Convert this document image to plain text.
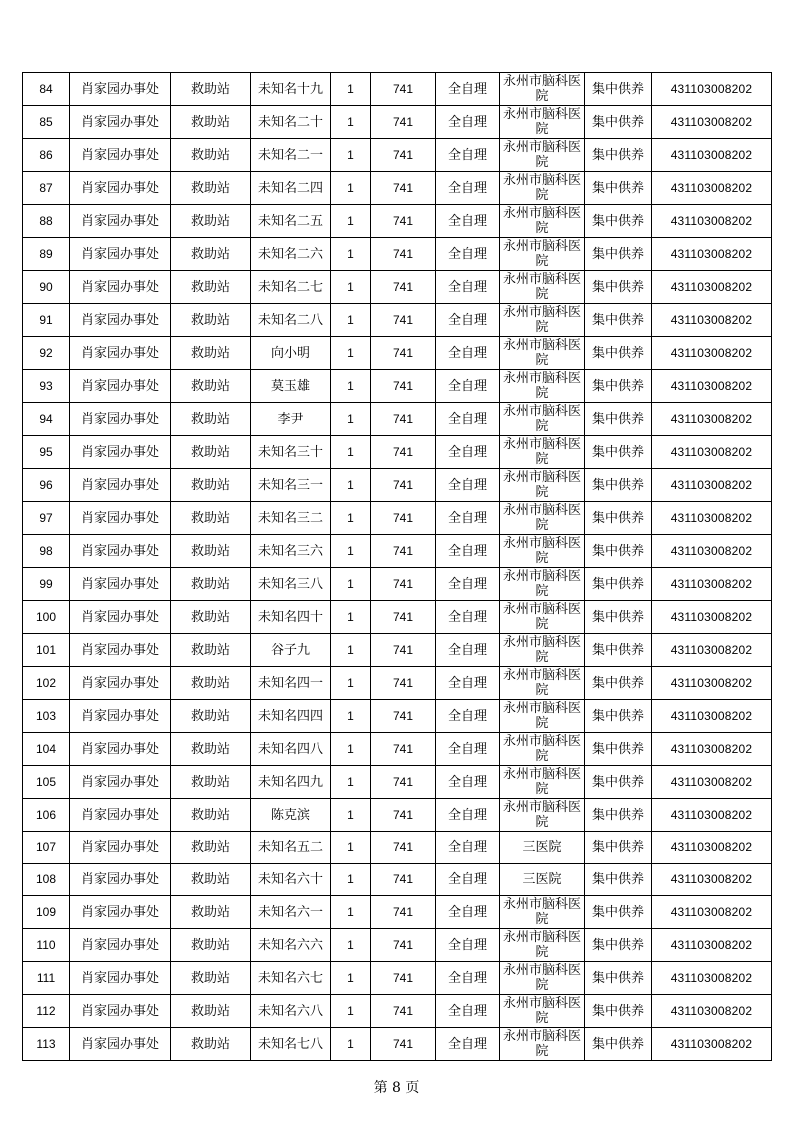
84	肖家园办事处	救助站	未知名十九	1	741	全自理	永州市脑科医院	集中供养	431103008202
85	肖家园办事处	救助站	未知名二十	1	741	全自理	永州市脑科医院	集中供养	431103008202
86	肖家园办事处	救助站	未知名二一	1	741	全自理	永州市脑科医院	集中供养	431103008202
87	肖家园办事处	救助站	未知名二四	1	741	全自理	永州市脑科医院	集中供养	431103008202
88	肖家园办事处	救助站	未知名二五	1	741	全自理	永州市脑科医院	集中供养	431103008202
89	肖家园办事处	救助站	未知名二六	1	741	全自理	永州市脑科医院	集中供养	431103008202
90	肖家园办事处	救助站	未知名二七	1	741	全自理	永州市脑科医院	集中供养	431103008202
91	肖家园办事处	救助站	未知名二八	1	741	全自理	永州市脑科医院	集中供养	431103008202
92	肖家园办事处	救助站	向小明	1	741	全自理	永州市脑科医院	集中供养	431103008202
93	肖家园办事处	救助站	莫玉雄	1	741	全自理	永州市脑科医院	集中供养	431103008202
94	肖家园办事处	救助站	李尹	1	741	全自理	永州市脑科医院	集中供养	431103008202
95	肖家园办事处	救助站	未知名三十	1	741	全自理	永州市脑科医院	集中供养	431103008202
96	肖家园办事处	救助站	未知名三一	1	741	全自理	永州市脑科医院	集中供养	431103008202
97	肖家园办事处	救助站	未知名三二	1	741	全自理	永州市脑科医院	集中供养	431103008202
98	肖家园办事处	救助站	未知名三六	1	741	全自理	永州市脑科医院	集中供养	431103008202
99	肖家园办事处	救助站	未知名三八	1	741	全自理	永州市脑科医院	集中供养	431103008202
100	肖家园办事处	救助站	未知名四十	1	741	全自理	永州市脑科医院	集中供养	431103008202
101	肖家园办事处	救助站	谷子九	1	741	全自理	永州市脑科医院	集中供养	431103008202
102	肖家园办事处	救助站	未知名四一	1	741	全自理	永州市脑科医院	集中供养	431103008202
103	肖家园办事处	救助站	未知名四四	1	741	全自理	永州市脑科医院	集中供养	431103008202
104	肖家园办事处	救助站	未知名四八	1	741	全自理	永州市脑科医院	集中供养	431103008202
105	肖家园办事处	救助站	未知名四九	1	741	全自理	永州市脑科医院	集中供养	431103008202
106	肖家园办事处	救助站	陈克滨	1	741	全自理	永州市脑科医院	集中供养	431103008202
107	肖家园办事处	救助站	未知名五二	1	741	全自理	三医院	集中供养	431103008202
108	肖家园办事处	救助站	未知名六十	1	741	全自理	三医院	集中供养	431103008202
109	肖家园办事处	救助站	未知名六一	1	741	全自理	永州市脑科医院	集中供养	431103008202
110	肖家园办事处	救助站	未知名六六	1	741	全自理	永州市脑科医院	集中供养	431103008202
111	肖家园办事处	救助站	未知名六七	1	741	全自理	永州市脑科医院	集中供养	431103008202
112	肖家园办事处	救助站	未知名六八	1	741	全自理	永州市脑科医院	集中供养	431103008202
113	肖家园办事处	救助站	未知名七八	1	741	全自理	永州市脑科医院	集中供养	431103008202
第 8 页
